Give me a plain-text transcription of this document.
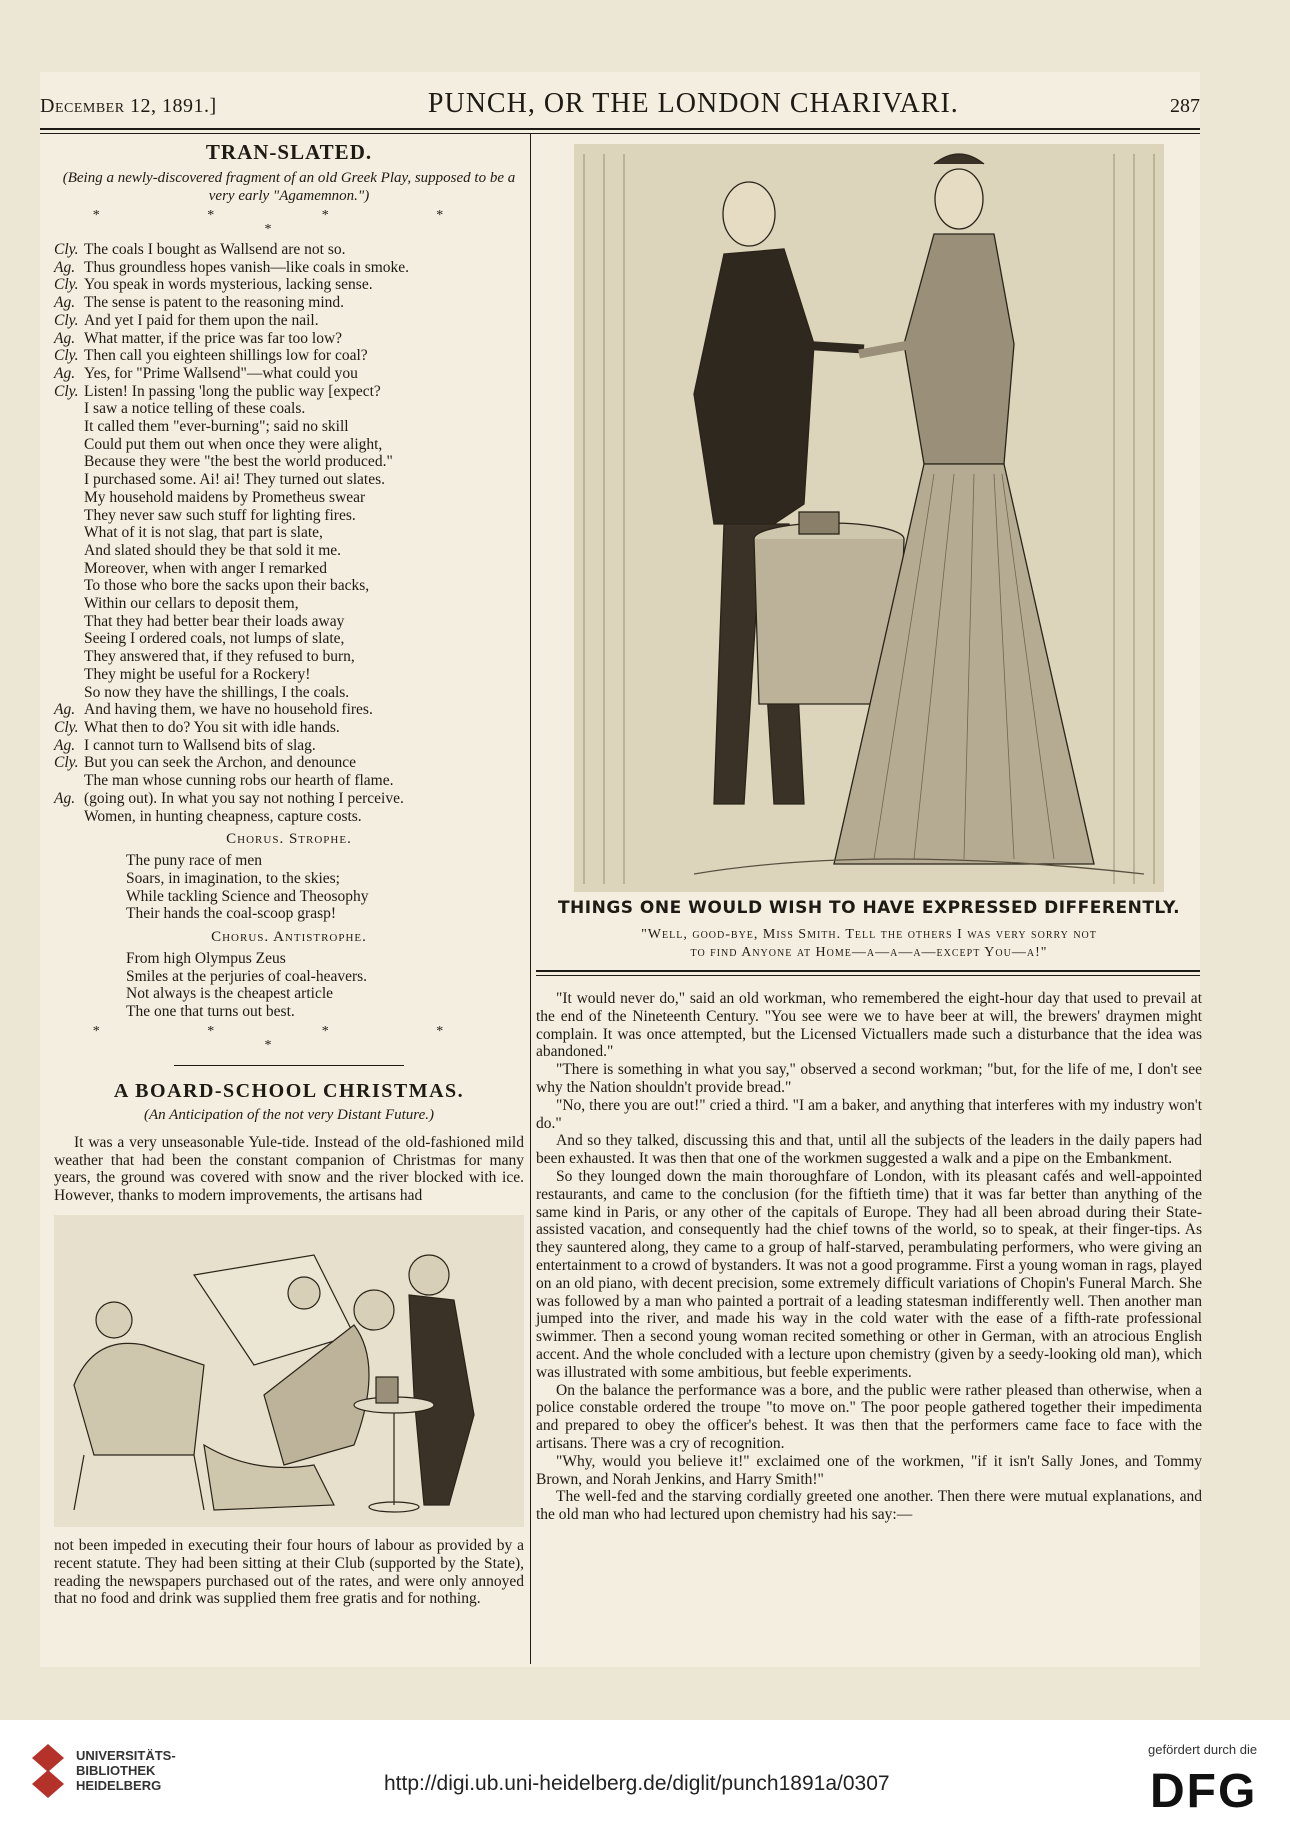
December 12, 1891.]	PUNCH, OR THE LONDON CHARIVARI.	287
TRAN-SLATED.

(Being a newly-discovered fragment of an old Greek Play, supposed to be a very early "Agamemnon.")

* * * * *
Cly. The coals I bought as Wallsend are not so.
Ag. Thus groundless hopes vanish—like coals in smoke.
Cly. You speak in words mysterious, lacking sense.
Ag. The sense is patent to the reasoning mind.
Cly. And yet I paid for them upon the nail.
Ag. What matter, if the price was far too low?
Cly. Then call you eighteen shillings low for coal?
Ag. Yes, for "Prime Wallsend"—what could you
Cly. Listen! In passing 'long the public way [expect?
I saw a notice telling of these coals.
It called them "ever-burning"; said no skill
Could put them out when once they were alight,
Because they were "the best the world produced."
I purchased some. Ai! ai! They turned out slates.
My household maidens by Prometheus swear
They never saw such stuff for lighting fires.
What of it is not slag, that part is slate,
And slated should they be that sold it me.
Moreover, when with anger I remarked
To those who bore the sacks upon their backs,
Within our cellars to deposit them,
That they had better bear their loads away
Seeing I ordered coals, not lumps of slate,
They answered that, if they refused to burn,
They might be useful for a Rockery!
So now they have the shillings, I the coals.
Ag. And having them, we have no household fires.
Cly. What then to do? You sit with idle hands.
Ag. I cannot turn to Wallsend bits of slag.
Cly. But you can seek the Archon, and denounce
The man whose cunning robs our hearth of flame.
Ag. (going out). In what you say not nothing I perceive.
Women, in hunting cheapness, capture costs.
Chorus. Strophe.
The puny race of men
Soars, in imagination, to the skies;
While tackling Science and Theosophy
Their hands the coal-scoop grasp!
Chorus. Antistrophe.
From high Olympus Zeus
Smiles at the perjuries of coal-heavers.
Not always is the cheapest article
The one that turns out best.
* * * * *
A BOARD-SCHOOL CHRISTMAS.

(An Anticipation of the not very Distant Future.)

It was a very unseasonable Yule-tide. Instead of the old-fashioned mild weather that had been the constant companion of Christmas for many years, the ground was covered with snow and the river blocked with ice. However, thanks to modern improvements, the artisans had

not been impeded in executing their four hours of labour as provided by a recent statute. They had been sitting at their Club (supported by the State), reading the newspapers purchased out of the rates, and were only annoyed that no food and drink was supplied them free gratis and for nothing.

THINGS ONE WOULD WISH TO HAVE EXPRESSED DIFFERENTLY.
"Well, good-bye, Miss Smith. Tell the others I was very sorry not
to find Anyone at Home—a—a—a—except You—a!"

"It would never do," said an old workman, who remembered the eight-hour day that used to prevail at the end of the Nineteenth Century. "You see were we to have beer at will, the brewers' draymen might complain. It was once attempted, but the Licensed Victuallers made such a disturbance that the idea was abandoned."

"There is something in what you say," observed a second workman; "but, for the life of me, I don't see why the Nation shouldn't provide bread."

"No, there you are out!" cried a third. "I am a baker, and anything that interferes with my industry won't do."

And so they talked, discussing this and that, until all the subjects of the leaders in the daily papers had been exhausted. It was then that one of the workmen suggested a walk and a pipe on the Embankment.

So they lounged down the main thoroughfare of London, with its pleasant cafés and well-appointed restaurants, and came to the conclusion (for the fiftieth time) that it was far better than anything of the same kind in Paris, or any other of the capitals of Europe. They had all been abroad during their State-assisted vacation, and consequently had the chief towns of the world, so to speak, at their finger-tips. As they sauntered along, they came to a group of half-starved, perambulating performers, who were giving an entertainment to a crowd of bystanders. It was not a good programme. First a young woman in rags, played on an old piano, with decent precision, some extremely difficult variations of Chopin's Funeral March. She was followed by a man who painted a portrait of a leading statesman indifferently well. Then another man jumped into the river, and made his way in the cold water with the ease of a fifth-rate professional swimmer. Then a second young woman recited something or other in German, with an atrocious English accent. And the whole concluded with a lecture upon chemistry (given by a seedy-looking old man), which was illustrated with some ambitious, but feeble experiments.

On the balance the performance was a bore, and the public were rather pleased than otherwise, when a police constable ordered the troupe "to move on." The poor people gathered together their impedimenta and prepared to obey the officer's behest. It was then that the performers came face to face with the artisans. There was a cry of recognition.

"Why, would you believe it!" exclaimed one of the workmen, "if it isn't Sally Jones, and Tommy Brown, and Norah Jenkins, and Harry Smith!"

The well-fed and the starving cordially greeted one another. Then there were mutual explanations, and the old man who had lectured upon chemistry had his say:—

UNIVERSITÄTS-
BIBLIOTHEK
HEIDELBERG	http://digi.ub.uni-heidelberg.de/diglit/punch1891a/0307
gefördert durch die
DFG
